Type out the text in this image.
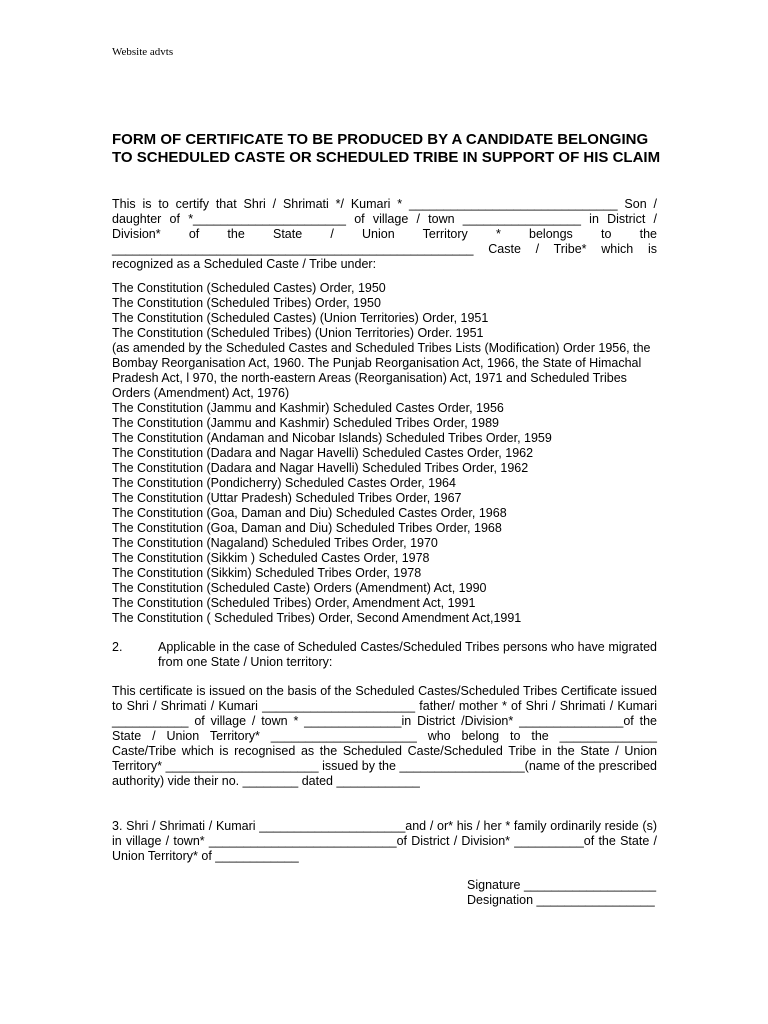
Website advts
FORM OF CERTIFICATE TO BE PRODUCED BY A CANDIDATE BELONGING TO SCHEDULED CASTE OR SCHEDULED TRIBE IN SUPPORT OF HIS CLAIM
This is to certify that Shri / Shrimati */ Kumari * ______________________________ Son / daughter of *______________________ of village / town _________________ in District / Division* of the State / Union Territory * belongs to the ____________________________________________________ Caste / Tribe* which is recognized as a Scheduled Caste / Tribe under:
The Constitution (Scheduled Castes) Order, 1950
The Constitution (Scheduled Tribes) Order, 1950
The Constitution (Scheduled Castes) (Union Territories) Order, 1951
The Constitution (Scheduled Tribes) (Union Territories) Order. 1951
(as amended by the Scheduled Castes and Scheduled Tribes Lists (Modification) Order 1956, the Bombay Reorganisation Act, 1960. The Punjab Reorganisation Act, 1966, the State of Himachal Pradesh Act, l 970, the north-eastern Areas (Reorganisation) Act, 1971 and Scheduled Tribes Orders (Amendment) Act, 1976)
The Constitution (Jammu and Kashmir) Scheduled Castes Order, 1956
The Constitution (Jammu and Kashmir) Scheduled Tribes Order, 1989
The Constitution (Andaman and Nicobar Islands) Scheduled Tribes Order, 1959
The Constitution (Dadara and Nagar Havelli) Scheduled Castes Order, 1962
The Constitution (Dadara and Nagar Havelli) Scheduled Tribes Order, 1962
The Constitution (Pondicherry) Scheduled Castes Order, 1964
The Constitution (Uttar Pradesh) Scheduled Tribes Order, 1967
The Constitution (Goa, Daman and Diu) Scheduled Castes Order, 1968
The Constitution (Goa, Daman and Diu) Scheduled Tribes Order, 1968
The Constitution (Nagaland) Scheduled Tribes Order, 1970
The Constitution (Sikkim ) Scheduled Castes Order, 1978
The Constitution (Sikkim) Scheduled Tribes Order, 1978
The Constitution (Scheduled Caste) Orders (Amendment) Act, 1990
The Constitution (Scheduled Tribes) Order, Amendment Act, 1991
The Constitution ( Scheduled Tribes) Order, Second Amendment Act,1991
2.	Applicable in the case of Scheduled Castes/Scheduled Tribes persons who have migrated from one State / Union territory:
This certificate is issued on the basis of the Scheduled Castes/Scheduled Tribes Certificate issued to Shri / Shrimati / Kumari ______________________ father/ mother * of Shri / Shrimati / Kumari ___________ of village / town * ______________in District /Division* _______________of the State / Union Territory* _____________________ who belong to the ______________ Caste/Tribe which is recognised as the Scheduled Caste/Scheduled Tribe in the State / Union Territory* ______________________ issued by the __________________(name of the prescribed authority) vide their no. ________ dated ____________
3. Shri / Shrimati / Kumari _____________________and / or* his / her * family ordinarily reside (s) in village / town* ___________________________of District / Division* __________of the State / Union Territory* of ____________
Signature ___________________
Designation _________________
